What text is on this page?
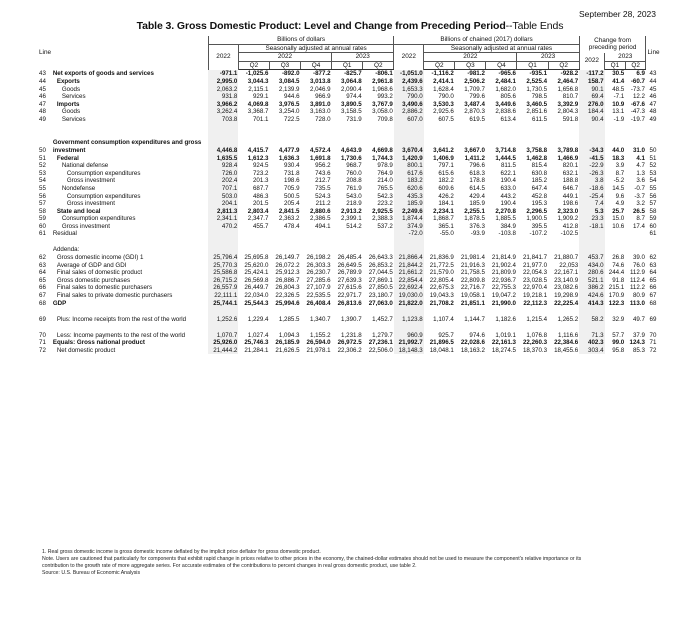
September 28, 2023
Table 3. Gross Domestic Product: Level and Change from Preceding Period--Table Ends
Line		Billions of dollars						Billions of chained (2017) dollars						Change from preceding period			Line
		2022	Seasonally adjusted at annual rates					2022	Seasonally adjusted at annual rates								
			2022			2023			2022			2023		2022	2023		
			Q2	Q3	Q4	Q1	Q2		Q2	Q3	Q4	Q1	Q2		Q1	Q2	
43	Net exports of goods and services	-971.1	-1,025.6	-892.0	-877.2	-825.7	-806.1	-1,051.0	-1,116.2	-981.2	-965.6	-935.1	-928.2	-117.2	30.5	6.9	43
44	Exports	2,995.0	3,044.3	3,084.5	3,013.8	3,064.8	2,961.8	2,439.6	2,414.1	2,506.2	2,484.1	2,525.4	2,464.7	158.7	41.4	-60.7	44
45	Goods	2,063.2	2,115.1	2,139.9	2,046.9	2,090.4	1,968.6	1,653.3	1,628.4	1,709.7	1,682.0	1,730.5	1,656.8	90.1	48.5	-73.7	45
46	Services	931.8	929.1	944.6	966.9	974.4	993.2	790.0	790.0	799.6	805.6	798.5	810.7	69.4	-7.1	12.2	46
47	Imports	3,966.2	4,069.8	3,976.5	3,891.0	3,890.5	3,767.9	3,490.6	3,530.3	3,487.4	3,449.6	3,460.5	3,392.9	276.0	10.9	-67.6	47
48	Goods	3,262.4	3,368.7	3,254.0	3,163.0	3,158.5	3,058.0	2,886.2	2,925.6	2,870.3	2,838.6	2,851.6	2,804.3	184.4	13.1	-47.3	48
49	Services	703.8	701.1	722.5	728.0	731.9	709.8	607.0	607.5	619.5	613.4	611.5	591.8	90.4	-1.9	-19.7	49
50	Government consumption expenditures and gross investment	4,446.8	4,415.7	4,477.9	4,572.4	4,643.9	4,669.8	3,670.4	3,641.2	3,667.0	3,714.8	3,758.8	3,789.8	-34.3	44.0	31.0	50
51	Federal	1,635.5	1,612.3	1,636.3	1,691.8	1,730.6	1,744.3	1,420.9	1,406.9	1,411.2	1,444.5	1,462.8	1,466.9	-41.5	18.3	4.1	51
52	National defense	928.4	924.5	930.4	956.2	968.7	978.9	800.1	797.1	796.6	811.5	815.4	820.1	-22.9	3.9	4.7	52
53	Consumption expenditures	726.0	723.2	731.8	743.6	760.0	764.9	617.6	615.6	618.3	622.1	630.8	632.1	-26.3	8.7	1.3	53
54	Gross investment	202.4	201.3	198.6	212.7	208.8	214.0	183.2	182.2	178.8	190.4	185.2	188.8	3.8	-5.2	3.6	54
55	Nondefense	707.1	687.7	705.9	735.5	761.9	765.5	620.6	609.6	614.5	633.0	647.4	646.7	-18.6	14.5	-0.7	55
56	Consumption expenditures	503.0	486.3	500.5	524.3	543.0	542.3	435.3	426.2	429.4	443.2	452.8	449.1	-25.4	9.6	-3.7	56
57	Gross investment	204.1	201.5	205.4	211.2	218.9	223.2	185.9	184.1	185.9	190.4	195.3	198.6	7.4	4.9	3.2	57
58	State and local	2,811.3	2,803.4	2,841.5	2,880.6	2,913.2	2,925.5	2,249.6	2,234.1	2,255.1	2,270.8	2,296.5	2,323.0	5.3	25.7	26.5	58
59	Consumption expenditures	2,341.1	2,347.7	2,363.2	2,386.5	2,399.1	2,388.3	1,874.4	1,868.7	1,878.5	1,885.5	1,900.5	1,909.2	23.3	15.0	8.7	59
60	Gross investment	470.2	455.7	478.4	494.1	514.2	537.2	374.9	365.1	376.3	384.9	395.5	412.8	-18.1	10.6	17.4	60
61	Residual							-72.0	-55.0	-93.9	-103.8	-107.2	-102.5				61
	Addenda:																
62	Gross domestic income (GDI) 1	25,796.4	25,695.8	26,149.7	26,198.2	26,485.4	26,643.3	21,866.4	21,836.9	21,981.4	21,814.9	21,841.7	21,880.7	453.7	26.8	39.0	62
63	Average of GDP and GDI	25,770.3	25,620.0	26,072.2	26,303.3	26,649.5	26,853.2	21,844.2	21,772.5	21,916.3	21,902.4	21,977.0	22,053	434.0	74.6	76.0	63
64	Final sales of domestic product	25,586.8	25,424.1	25,912.3	26,230.7	26,789.9	27,044.5	21,661.2	21,579.0	21,758.5	21,809.9	22,054.3	22,167.1	280.6	244.4	112.9	64
65	Gross domestic purchases	26,715.2	26,569.8	26,886.7	27,285.6	27,639.3	27,869.1	22,854.4	22,805.4	22,809.8	22,936.7	23,028.5	23,140.9	521.1	91.8	112.4	65
66	Final sales to domestic purchasers	26,557.9	26,449.7	26,804.3	27,107.9	27,615.6	27,850.5	22,692.4	22,675.3	22,716.7	22,755.3	22,970.4	23,082.6	386.2	215.1	112.2	66
67	Final sales to private domestic purchasers	22,111.1	22,034.0	22,326.5	22,535.5	22,971.7	23,180.7	19,030.0	19,043.3	19,058.1	19,047.2	19,218.1	19,298.9	424.6	170.9	80.9	67
68	GDP	25,744.1	25,544.3	25,994.6	26,408.4	26,813.6	27,063.0	21,822.0	21,708.2	21,851.1	21,990.0	22,112.3	22,225.4	414.3	122.3	113.0	68
69	Plus: Income receipts from the rest of the world	1,252.6	1,229.4	1,285.5	1,340.7	1,390.7	1,452.7	1,123.8	1,107.4	1,144.7	1,182.6	1,215.4	1,265.2	58.2	32.9	49.7	69
70	Less: Income payments to the rest of the world	1,070.7	1,027.4	1,094.3	1,155.2	1,231.8	1,279.7	960.9	925.7	974.6	1,019.1	1,076.8	1,116.6	71.3	57.7	37.9	70
71	Equals: Gross national product	25,926.0	25,746.3	26,185.9	26,594.0	26,972.5	27,236.1	21,992.7	21,896.5	22,028.6	22,161.3	22,260.3	22,384.6	402.3	99.0	124.3	71
72	Net domestic product	21,444.2	21,284.1	21,626.5	21,978.1	22,306.2	22,506.0	18,148.3	18,048.1	18,163.2	18,274.5	18,370.3	18,455.6	303.4	95.8	85.3	72
1. Real gross domestic income is gross domestic income deflated by the implicit price deflator for gross domestic product.
Note. Users are cautioned that particularly for components that exhibit rapid change in prices relative to other prices in the economy, the chained-dollar estimates should not be used to measure the component's relative importance or its
contribution to the growth rate of more aggregate series. For accurate estimates of the contributions to percent changes in real gross domestic product, use table 2.
Source: U.S. Bureau of Economic Analysis
